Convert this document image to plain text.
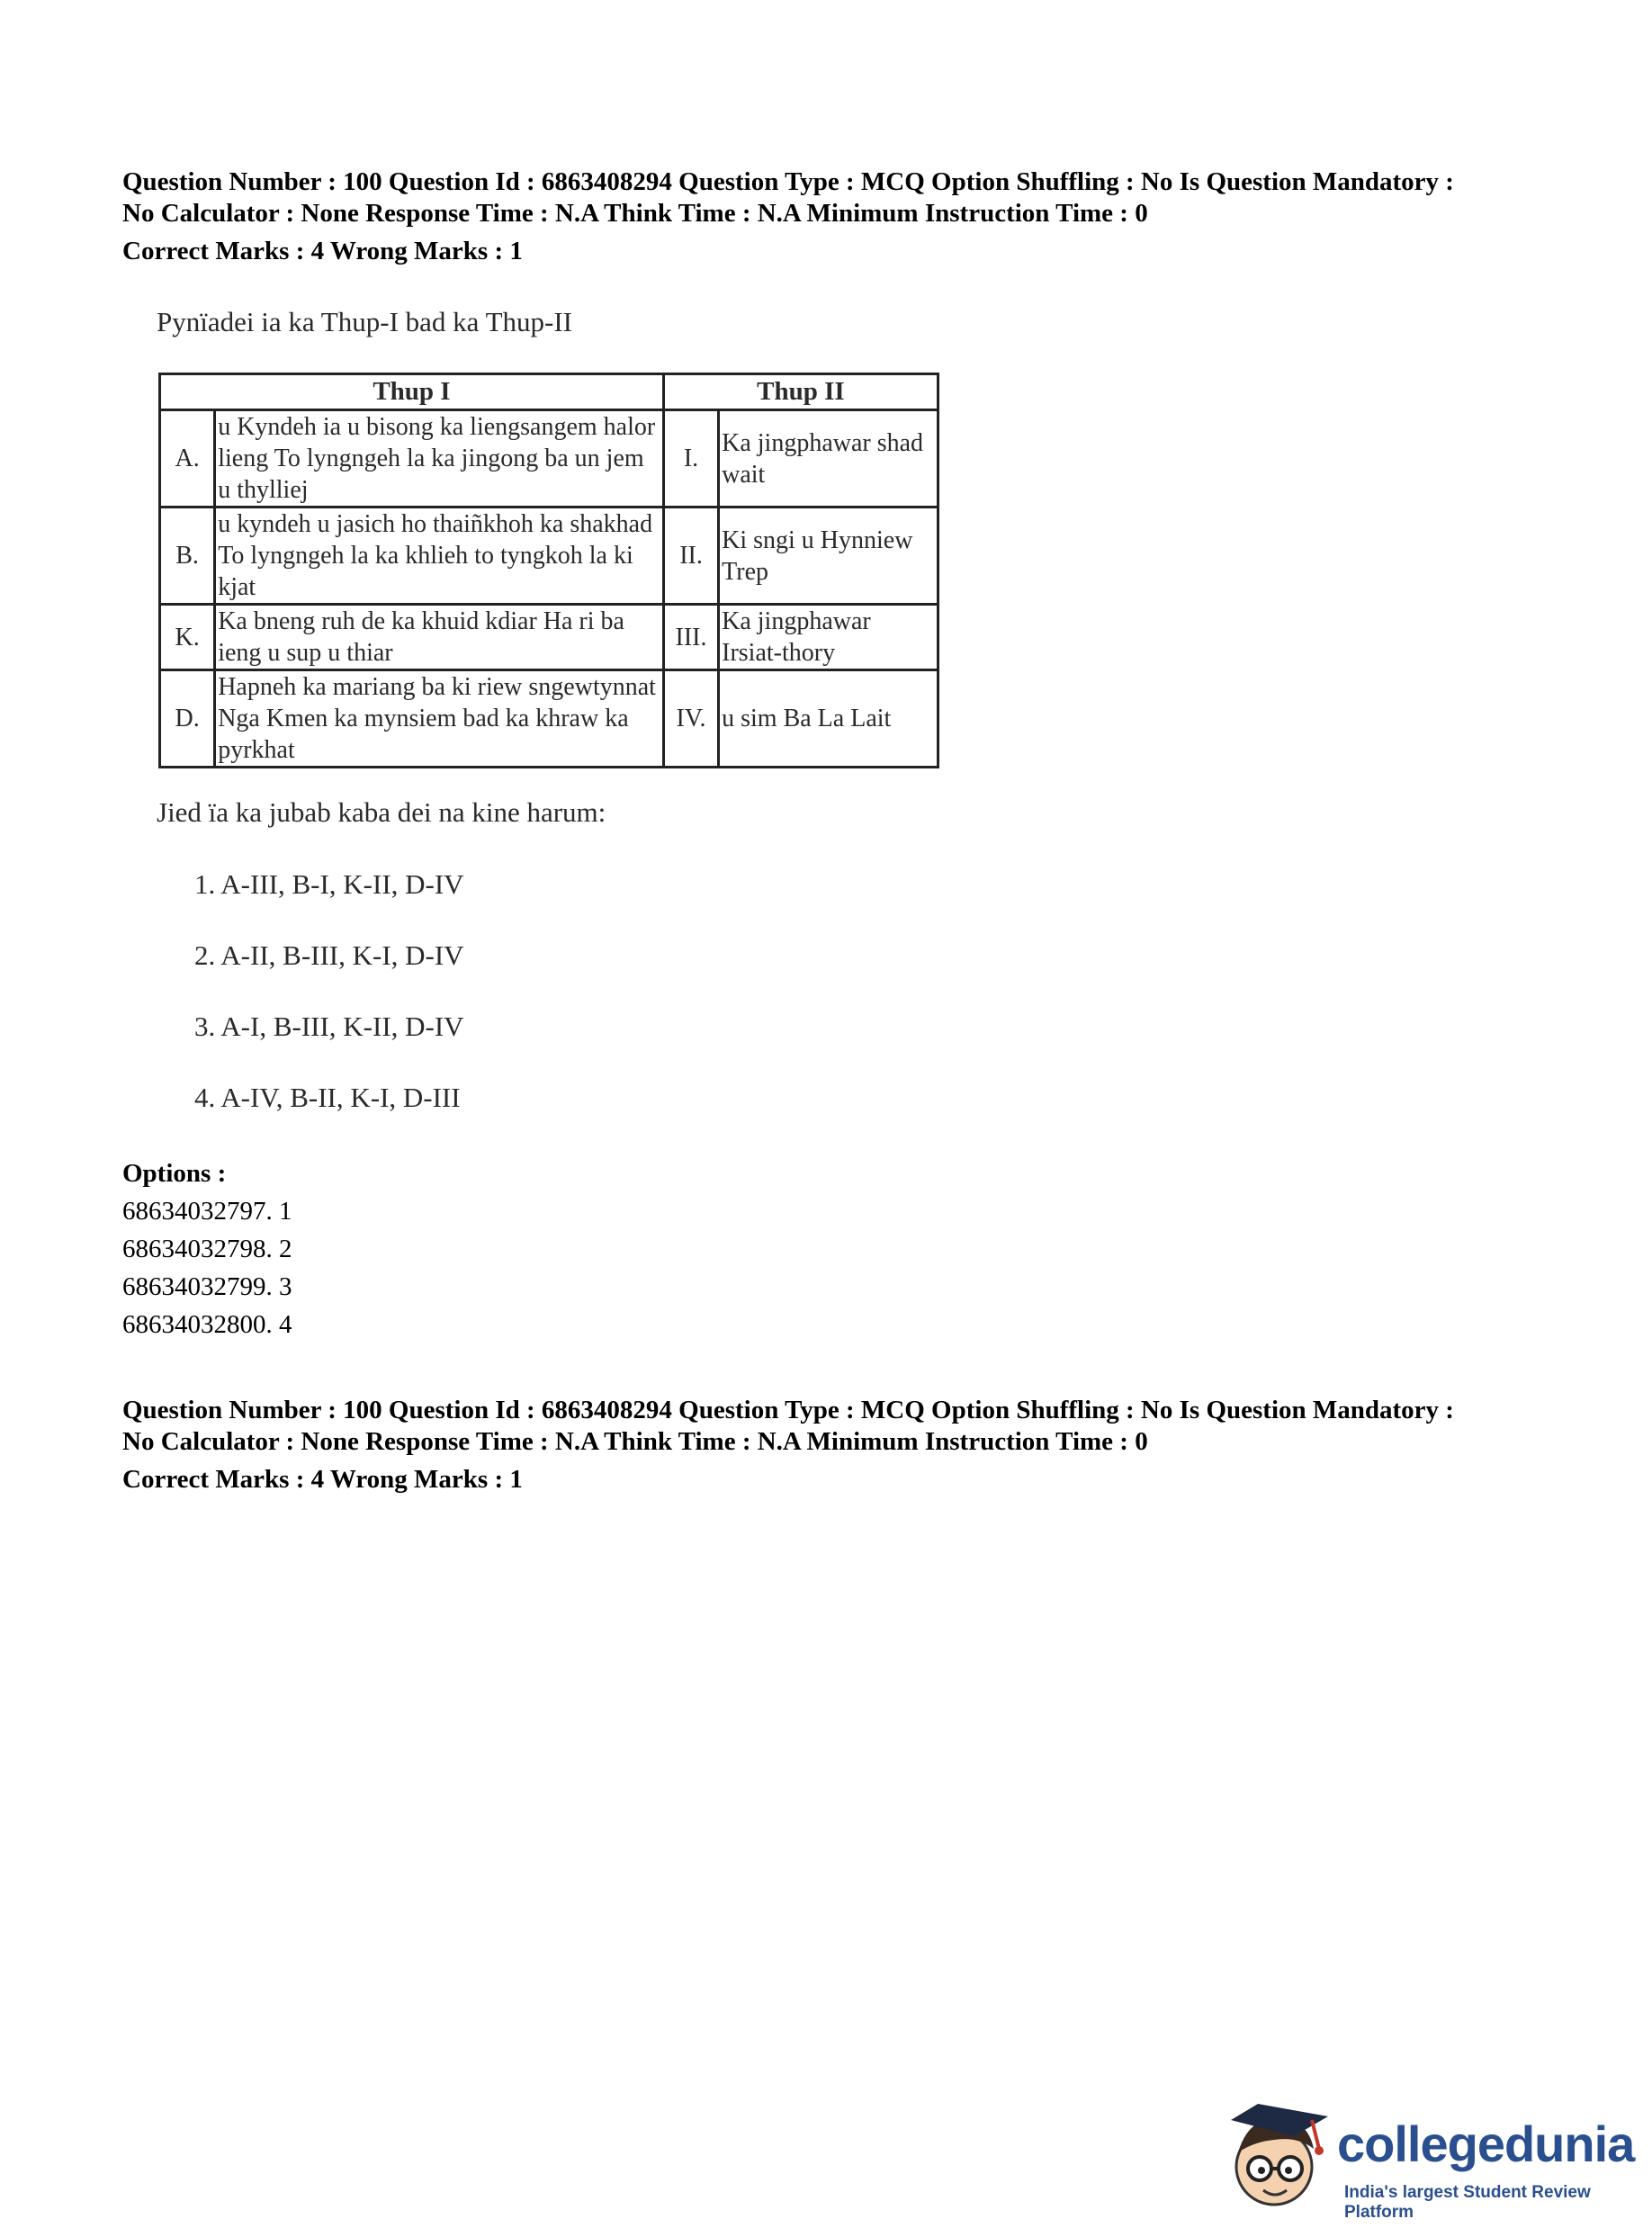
Question Number : 100 Question Id : 6863408294 Question Type : MCQ Option Shuffling : No Is Question Mandatory :

No Calculator : None Response Time : N.A Think Time : N.A Minimum Instruction Time : 0

Correct Marks : 4 Wrong Marks : 1

Pynïadei ia ka Thup-I bad ka Thup-II

Thup I		Thup II	
A.	u Kyndeh ia u bisong ka liengsangem halor lieng To lyngngeh la ka jingong ba un jem u thylliej	I.	Ka jingphawar shad wait
B.	u kyndeh u jasich ho thaiñkhoh ka shakhad To lyngngeh la ka khlieh to tyngkoh la ki kjat	II.	Ki sngi u Hynniew Trep
K.	Ka bneng ruh de ka khuid kdiar Ha ri ba ieng u sup u thiar	III.	Ka jingphawar Irsiat-thory
D.	Hapneh ka mariang ba ki riew sngewtynnat Nga Kmen ka mynsiem bad ka khraw ka pyrkhat	IV.	u sim Ba La Lait

Jied ïa ka jubab kaba dei na kine harum:

1. A-III, B-I, K-II, D-IV
2. A-II, B-III, K-I, D-IV
3. A-I, B-III, K-II, D-IV
4. A-IV, B-II, K-I, D-III

Options :

68634032797. 1

68634032798. 2

68634032799. 3

68634032800. 4

Question Number : 100 Question Id : 6863408294 Question Type : MCQ Option Shuffling : No Is Question Mandatory :

No Calculator : None Response Time : N.A Think Time : N.A Minimum Instruction Time : 0

Correct Marks : 4 Wrong Marks : 1

collegedunia
India's largest Student Review Platform
